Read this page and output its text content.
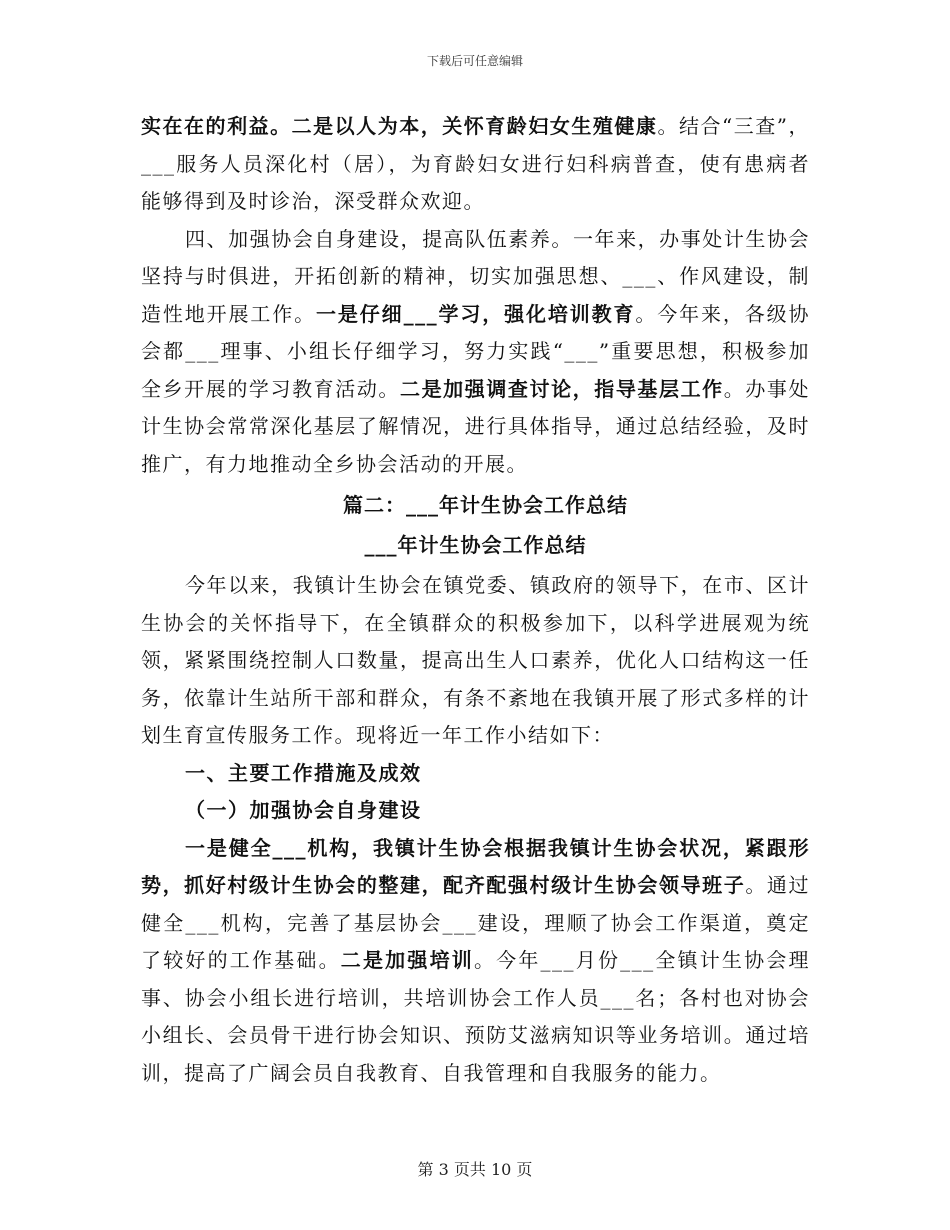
下载后可任意编辑

实在在的利益。二是以人为本，关怀育龄妇女生殖健康。结合“三查”，___服务人员深化村（居），为育龄妇女进行妇科病普查，使有患病者能够得到及时诊治，深受群众欢迎。

四、加强协会自身建设，提高队伍素养。一年来，办事处计生协会坚持与时俱进，开拓创新的精神，切实加强思想、___、作风建设，制造性地开展工作。一是仔细___学习，强化培训教育。今年来，各级协会都___理事、小组长仔细学习，努力实践“___”重要思想，积极参加全乡开展的学习教育活动。二是加强调查讨论，指导基层工作。办事处计生协会常常深化基层了解情况，进行具体指导，通过总结经验，及时推广，有力地推动全乡协会活动的开展。

篇二：___年计生协会工作总结

___年计生协会工作总结

今年以来，我镇计生协会在镇党委、镇政府的领导下，在市、区计生协会的关怀指导下，在全镇群众的积极参加下，以科学进展观为统领，紧紧围绕控制人口数量，提高出生人口素养，优化人口结构这一任务，依靠计生站所干部和群众，有条不紊地在我镇开展了形式多样的计划生育宣传服务工作。现将近一年工作小结如下：

一、主要工作措施及成效

（一）加强协会自身建设

一是健全___机构，我镇计生协会根据我镇计生协会状况，紧跟形势，抓好村级计生协会的整建，配齐配强村级计生协会领导班子。通过健全___机构，完善了基层协会___建设，理顺了协会工作渠道，奠定了较好的工作基础。二是加强培训。今年___月份___全镇计生协会理事、协会小组长进行培训，共培训协会工作人员___名；各村也对协会小组长、会员骨干进行协会知识、预防艾滋病知识等业务培训。通过培训，提高了广阔会员自我教育、自我管理和自我服务的能力。

第 3 页共 10 页
